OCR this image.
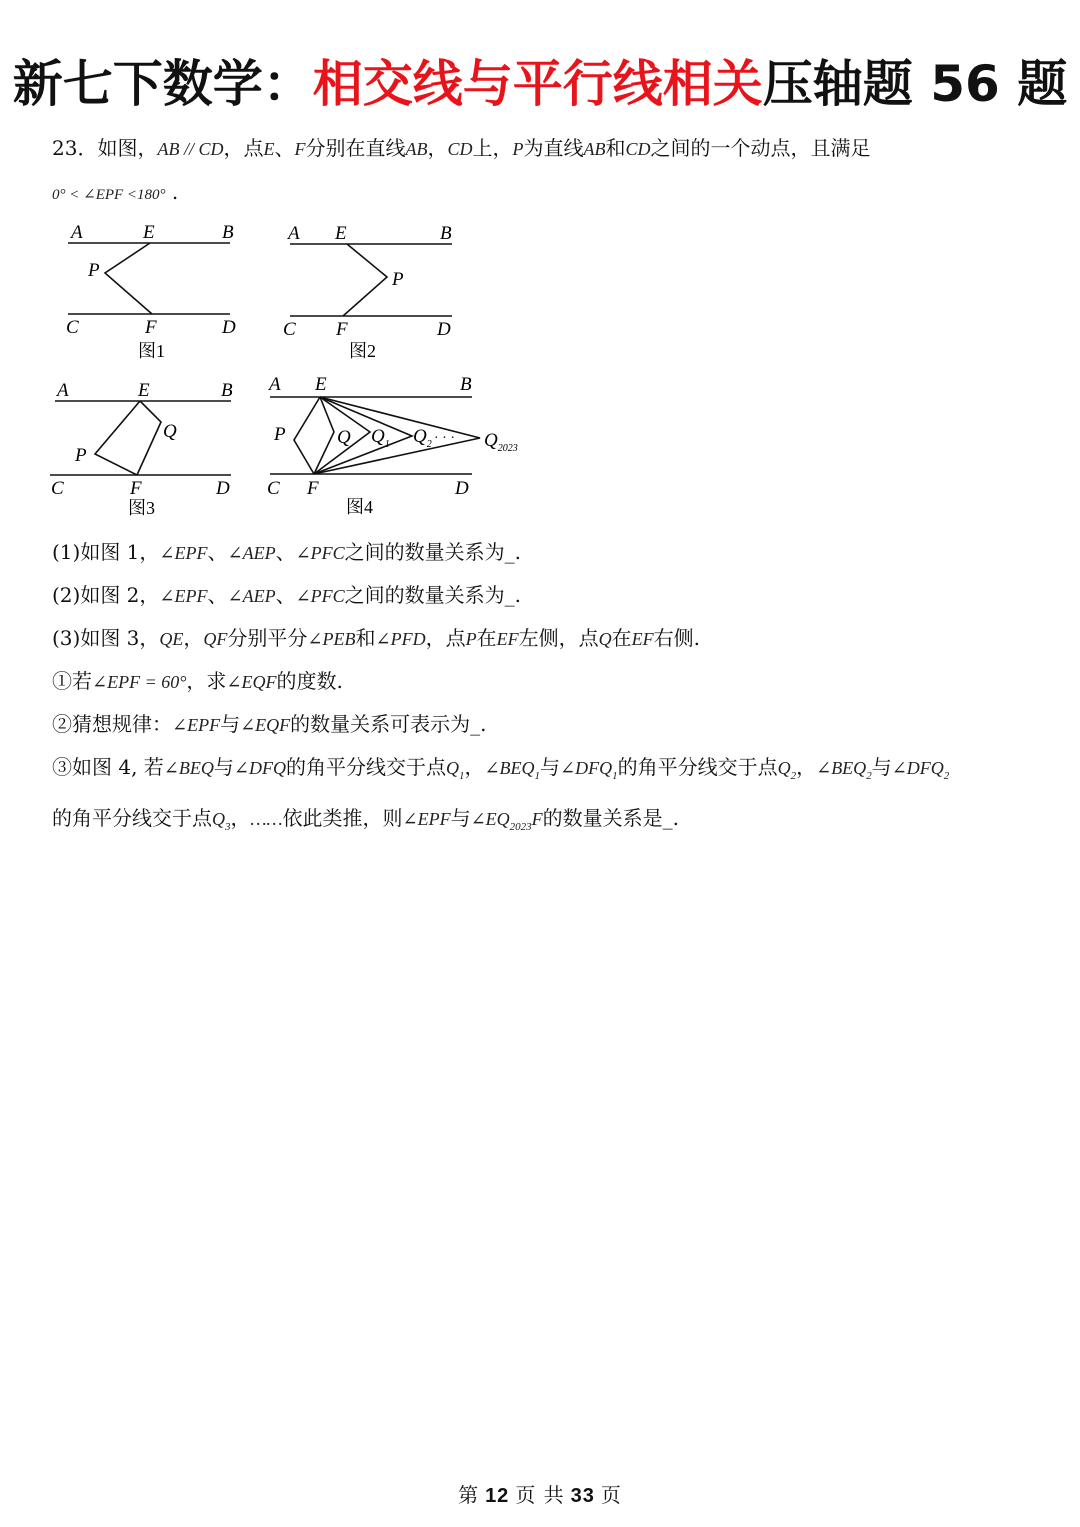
新七下数学：相交线与平行线相关压轴题 56 题
23．如图，AB // CD，点E、F分别在直线AB，CD上，P为直线AB和CD之间的一个动点，且满足
0° < ∠EPF <180° .
A	E	B
P
C	F	D
图1
A E	B
P
C F	D
图2
A	E	B
Q
P
C	F	D
图3
A E	B
P	Q $Q_1$ $Q_2$ · · · $Q_{2023}$
C F	D
图4
(1)如图 1，∠EPF、∠AEP、∠PFC之间的数量关系为_.
(2)如图 2，∠EPF、∠AEP、∠PFC之间的数量关系为_.
(3)如图 3，QE，QF分别平分∠PEB和∠PFD，点P在EF左侧，点Q在EF右侧.
①若∠EPF = 60°，求∠EQF的度数.
②猜想规律：∠EPF与∠EQF的数量关系可表示为_.
③如图 4, 若∠BEQ与∠DFQ的角平分线交于点$Q_1$，$\angle BEQ_1$与$\angle DFQ_1$的角平分线交于点$Q_2$，$\angle BEQ_2$与$\angle DFQ_2$
的角平分线交于点$Q_3$，……依此类推，则∠EPF与$\angle EQ_{2023}F$的数量关系是_.
第 12 页 共 33 页
